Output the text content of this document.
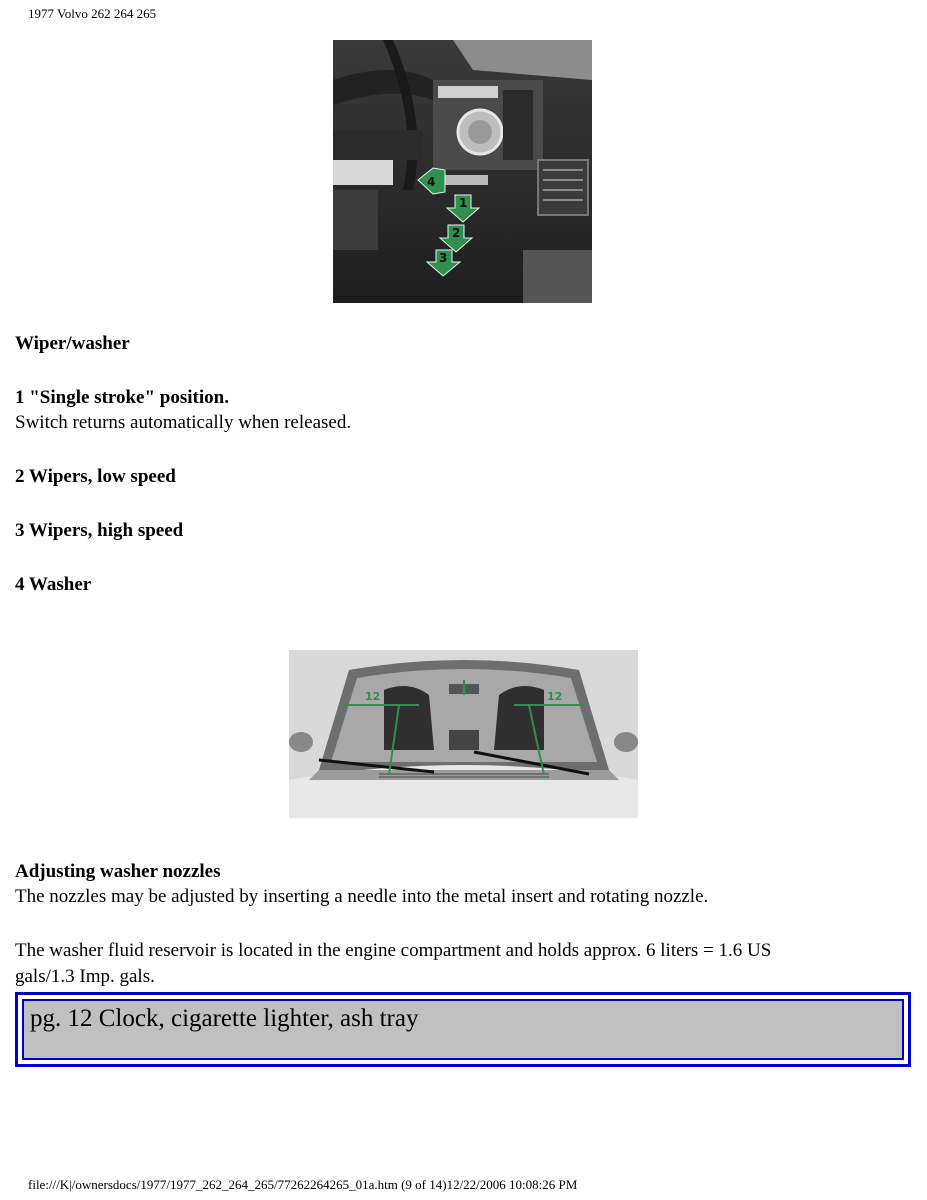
1977 Volvo 262 264 265
4
1
2
3
Wiper/washer
1 "Single stroke" position.
Switch returns automatically when released.
2 Wipers, low speed
3 Wipers, high speed
4 Washer
12	12
Adjusting washer nozzles
The nozzles may be adjusted by inserting a needle into the metal insert and rotating nozzle.
The washer fluid reservoir is located in the engine compartment and holds approx. 6 liters = 1.6 US
gals/1.3 Imp. gals.
pg. 12 Clock, cigarette lighter, ash tray
file:///K|/ownersdocs/1977/1977_262_264_265/77262264265_01a.htm (9 of 14)12/22/2006 10:08:26 PM
